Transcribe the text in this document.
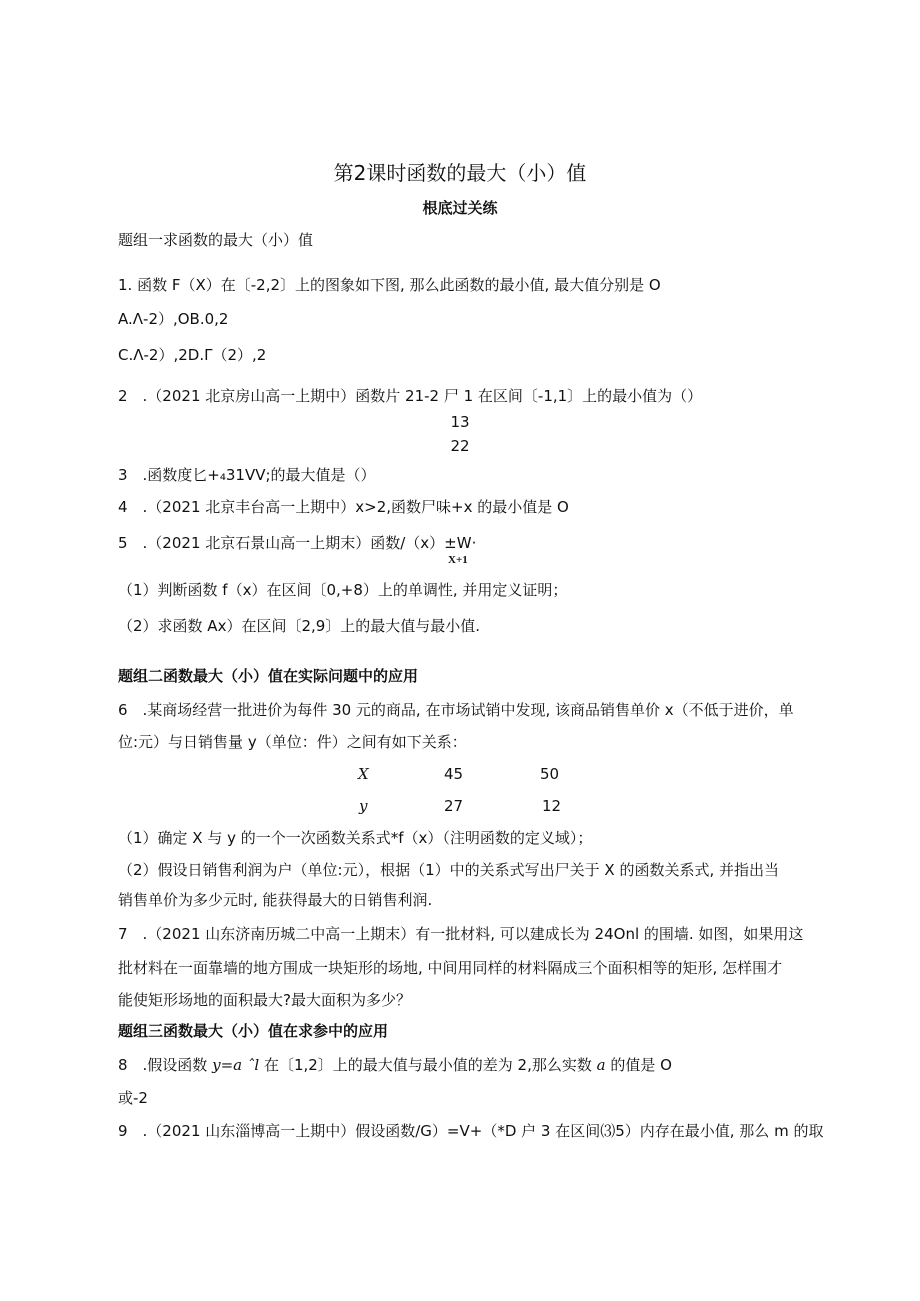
第2课时函数的最大（小）值
根底过关练
题组一求函数的最大（小）值
1. 函数 F（X）在〔-2,2〕上的图象如下图, 那么此函数的最小值, 最大值分别是 O
A.Λ-2）,OB.0,2
C.Λ-2）,2D.Γ（2）,2
2　.（2021 北京房山高一上期中）函数片 21-2 尸 1 在区间〔-1,1〕上的最小值为（）
13
22
3　.函数度匕+₄31VV;的最大值是（）
4　.（2021 北京丰台高一上期中）x>2,函数尸味+x 的最小值是 O
5　.（2021 北京石景山高一上期末）函数/（x）±W·
X+1
（1）判断函数 f（x）在区间〔0,+8）上的单调性, 并用定义证明；
（2）求函数 Ax）在区间〔2,9〕上的最大值与最小值.
题组二函数最大（小）值在实际问题中的应用
6　.某商场经营一批进价为每件 30 元的商品, 在市场试销中发现, 该商品销售单价 x（不低于进价，单
位:元）与日销售量 y（单位：件）之间有如下关系：
X	45	50
y	27	12
（1）确定 X 与 y 的一个一次函数关系式*f（x）（注明函数的定义域）；
（2）假设日销售利润为户（单位:元），根据（1）中的关系式写出尸关于 X 的函数关系式, 并指出当
销售单价为多少元时, 能获得最大的日销售利润.
7　.（2021 山东济南历城二中高一上期末）有一批材料, 可以建成长为 24Onl 的围墙. 如图，如果用这
批材料在一面靠墙的地方围成一块矩形的场地, 中间用同样的材料隔成三个面积相等的矩形, 怎样围才
能使矩形场地的面积最大?最大面积为多少？
题组三函数最大（小）值在求参中的应用
8　.假设函数 y=a ˆl 在〔1,2〕上的最大值与最小值的差为 2,那么实数 a 的值是 O
或-2
9　.（2021 山东淄博高一上期中）假设函数∕G）=V+（*D 户 3 在区间⑶5）内存在最小值, 那么 m 的取
